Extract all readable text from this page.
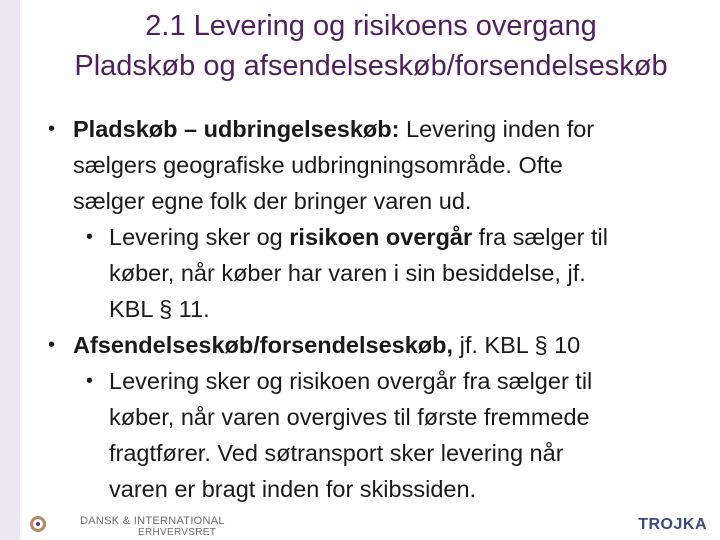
2.1 Levering og risikoens overgang
Pladskøb og afsendelseskøb/forsendelseskøb
• Pladskøb – udbringelseskøb: Levering inden for
sælgers geografiske udbringningsområde. Ofte
sælger egne folk der bringer varen ud.
• Levering sker og risikoen overgår fra sælger til
køber, når køber har varen i sin besiddelse, jf.
KBL § 11.
• Afsendelseskøb/forsendelseskøb, jf. KBL § 10
• Levering sker og risikoen overgår fra sælger til
køber, når varen overgives til første fremmede
fragtfører. Ved søtransport sker levering når
varen er bragt inden for skibssiden.
DANSK & INTERNATIONAL
ERHVERVSRET	TROJKA
